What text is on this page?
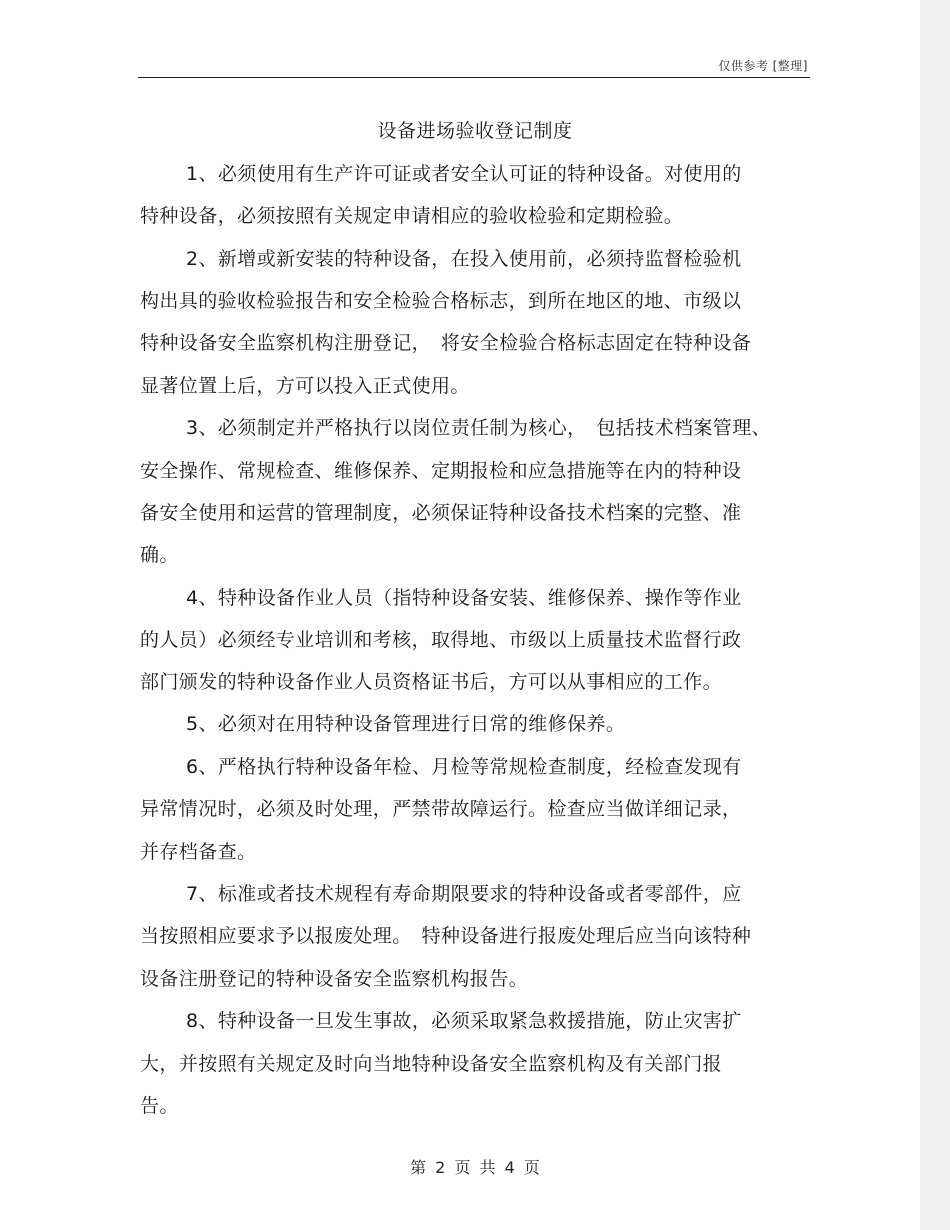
仅供参考 [整理]
设备进场验收登记制度
1、必须使用有生产许可证或者安全认可证的特种设备。对使用的
特种设备，必须按照有关规定申请相应的验收检验和定期检验。
2、新增或新安装的特种设备，在投入使用前，必须持监督检验机
构出具的验收检验报告和安全检验合格标志，到所在地区的地、市级以
特种设备安全监察机构注册登记，　将安全检验合格标志固定在特种设备
显著位置上后，方可以投入正式使用。
3、必须制定并严格执行以岗位责任制为核心，　包括技术档案管理、
安全操作、常规检查、维修保养、定期报检和应急措施等在内的特种设
备安全使用和运营的管理制度，必须保证特种设备技术档案的完整、准
确。
4、特种设备作业人员（指特种设备安装、维修保养、操作等作业
的人员）必须经专业培训和考核，取得地、市级以上质量技术监督行政
部门颁发的特种设备作业人员资格证书后，方可以从事相应的工作。
5、必须对在用特种设备管理进行日常的维修保养。
6、严格执行特种设备年检、月检等常规检查制度，经检查发现有
异常情况时，必须及时处理，严禁带故障运行。检查应当做详细记录，
并存档备查。
7、标准或者技术规程有寿命期限要求的特种设备或者零部件，应
当按照相应要求予以报废处理。　特种设备进行报废处理后应当向该特种
设备注册登记的特种设备安全监察机构报告。
8、特种设备一旦发生事故，必须采取紧急救援措施，防止灾害扩
大，并按照有关规定及时向当地特种设备安全监察机构及有关部门报
告。
第 2 页 共 4 页
